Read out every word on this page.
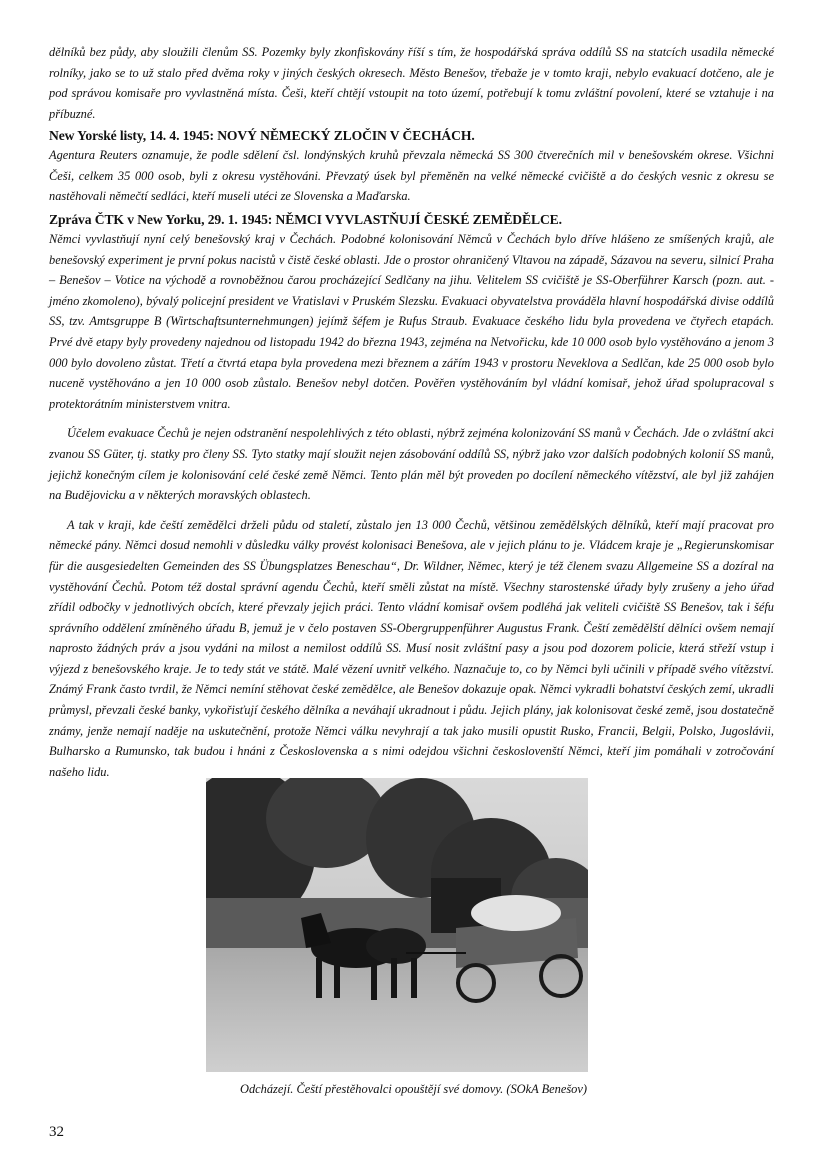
dělníků bez půdy, aby sloužili členům SS. Pozemky byly zkonfiskovány říší s tím, že hospodářská správa oddílů SS na statcích usadila německé rolníky, jako se to už stalo před dvěma roky v jiných českých okresech. Město Benešov, třebaže je v tomto kraji, nebylo evakuací dotčeno, ale je pod správou komisaře pro vyvlastněná místa. Češi, kteří chtějí vstoupit na toto území, potřebují k tomu zvláštní povolení, které se vztahuje i na příbuzné.

New Yorské listy, 14. 4. 1945: NOVÝ NĚMECKÝ ZLOČIN V ČECHÁCH.

Agentura Reuters oznamuje, že podle sdělení čsl. londýnských kruhů převzala německá SS 300 čtverečních mil v benešovském okrese. Všichni Češi, celkem 35 000 osob, byli z okresu vystěhováni. Převzatý úsek byl přeměněn na velké německé cvičiště a do českých vesnic z okresu se nastěhovali němečtí sedláci, kteří museli utéci ze Slovenska a Maďarska.

Zpráva ČTK v New Yorku, 29. 1. 1945: NĚMCI VYVLASTŇUJÍ ČESKÉ ZEMĚDĚLCE.

Němci vyvlastňují nyní celý benešovský kraj v Čechách. Podobné kolonisování Němců v Čechách bylo dříve hlášeno ze smíšených krajů, ale benešovský experiment je první pokus nacistů v čistě české oblasti. Jde o prostor ohraničený Vltavou na západě, Sázavou na severu, silnicí Praha – Benešov – Votice na východě a rovnoběžnou čarou procházející Sedlčany na jihu. Velitelem SS cvičiště je SS-Oberführer Karsch (pozn. aut. - jméno zkomoleno), bývalý policejní president ve Vratislavi v Pruském Slezsku. Evakuaci obyvatelstva prováděla hlavní hospodářská divise oddílů SS, tzv. Amtsgruppe B (Wirtschaftsunternehmungen) jejímž šéfem je Rufus Straub. Evakuace českého lidu byla provedena ve čtyřech etapách. Prvé dvě etapy byly provedeny najednou od listopadu 1942 do března 1943, zejména na Netvořicku, kde 10 000 osob bylo vystěhováno a jenom 3 000 bylo dovoleno zůstat. Třetí a čtvrtá etapa byla provedena mezi březnem a zářím 1943 v prostoru Neveklova a Sedlčan, kde 25 000 osob bylo nuceně vystěhováno a jen 10 000 osob zůstalo. Benešov nebyl dotčen. Pověřen vystěhováním byl vládní komisař, jehož úřad spolupracoval s protektorátním ministerstvem vnitra.

Účelem evakuace Čechů je nejen odstranění nespolehlivých z této oblasti, nýbrž zejména kolonizování SS manů v Čechách. Jde o zvláštní akci zvanou SS Güter, tj. statky pro členy SS. Tyto statky mají sloužit nejen zásobování oddílů SS, nýbrž jako vzor dalších podobných kolonií SS manů, jejichž konečným cílem je kolonisování celé české země Němci. Tento plán měl být proveden po docílení německého vítězství, ale byl již zahájen na Budějovicku a v některých moravských oblastech.

A tak v kraji, kde čeští zemědělci drželi půdu od staletí, zůstalo jen 13 000 Čechů, většinou zemědělských dělníků, kteří mají pracovat pro německé pány. Němci dosud nemohli v důsledku války provést kolonisaci Benešova, ale v jejich plánu to je. Vládcem kraje je „Regierunskomisar für die ausgesiedelten Gemeinden des SS Übungsplatzes Beneschau“, Dr. Wildner, Němec, který je též členem svazu Allgemeine SS a dozíral na vystěhování Čechů. Potom též dostal správní agendu Čechů, kteří směli zůstat na místě. Všechny starostenské úřady byly zrušeny a jeho úřad zřídil odbočky v jednotlivých obcích, které převzaly jejich práci. Tento vládní komisař ovšem podléhá jak veliteli cvičiště SS Benešov, tak i šéfu správního oddělení zmíněného úřadu B, jemuž je v čelo postaven SS-Obergruppenführer Augustus Frank. Čeští zemědělští dělníci ovšem nemají naprosto žádných práv a jsou vydáni na milost a nemilost oddílů SS. Musí nosit zvláštní pasy a jsou pod dozorem policie, která střeží vstup i výjezd z benešovského kraje. Je to tedy stát ve státě. Malé vězení uvnitř velkého. Naznačuje to, co by Němci byli učinili v případě svého vítězství. Známý Frank často tvrdil, že Němci nemíní stěhovat české zemědělce, ale Benešov dokazuje opak. Němci vykradli bohatství českých zemí, ukradli průmysl, převzali české banky, vykořisťují českého dělníka a neváhají ukradnout i půdu. Jejich plány, jak kolonisovat české země, jsou dostatečně známy, jenže nemají naděje na uskutečnění, protože Němci válku nevyhrají a tak jako musili opustit Rusko, Francii, Belgii, Polsko, Jugoslávii, Bulharsko a Rumunsko, tak budou i hnáni z Československa a s nimi odejdou všichni českoslovenští Němci, kteří jim pomáhali v zotročování našeho lidu.

Odcházejí. Čeští přestěhovalci opouštějí své domovy. (SOkA Benešov)
32
